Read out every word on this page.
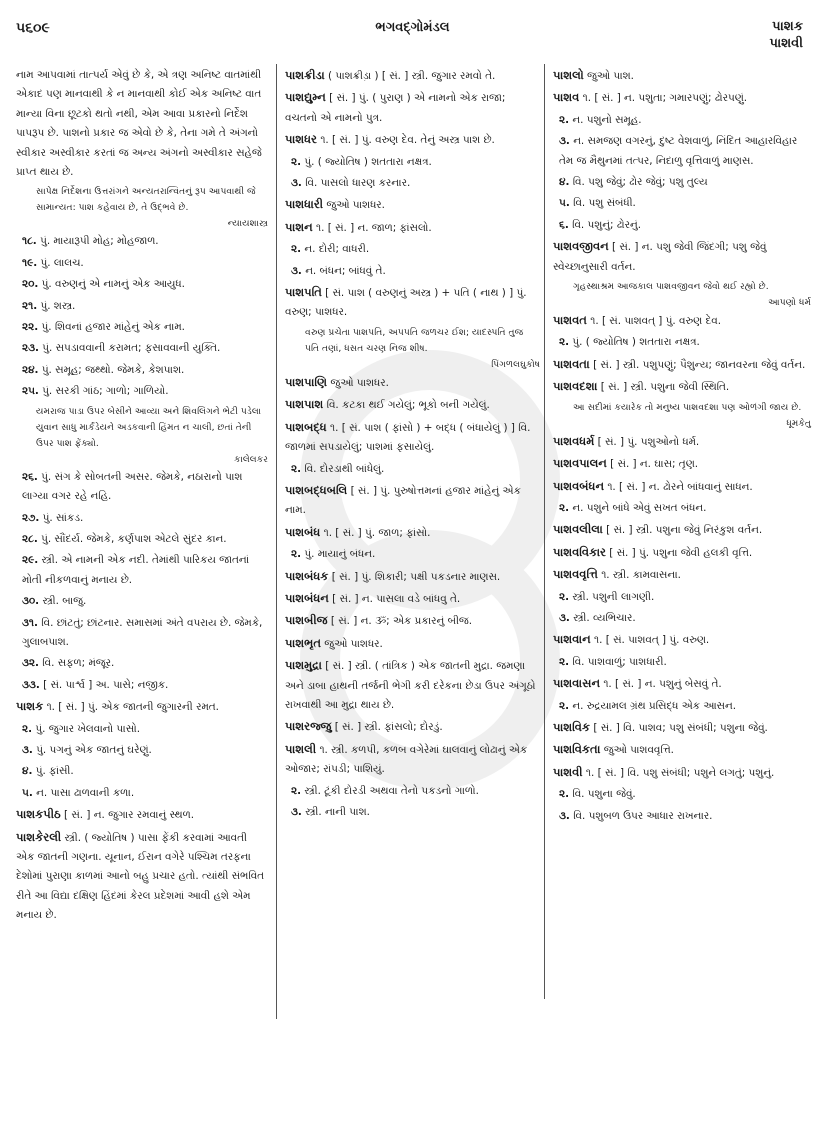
૫૬૦૯	ભગવદ્ગોમંડલ	પાશક
પાશવી
નામ આપવામાં તાત્પર્ય એવું છે કે, એ ત્રણ અનિષ્ટ વાતમાંથી એકાદ પણ માનવાથી કે ન માનવાથી કોઈ એક અનિષ્ટ વાત માન્યા વિના છૂટકો થતો નથી, એમ આવા પ્રકારનો નિર્દેશ પાપરૂપ છે. પાશનો પ્રકાર જ એવો છે કે, તેના ગમે તે અંગનો સ્વીકાર અસ્વીકાર કરતાં જ અન્ય અંગનો અસ્વીકાર સહેજે પ્રાપ્ત થાય છે.
સાપેક્ષ નિર્દેશના ઉત્તરાંગને અન્યતરાન્વિતનું રૂપ આપવાથી જે સામાન્યત: પાશ કહેવાય છે, તે ઉદ્ભવે છે.
ન્યાયશાસ્ત્ર
૧૮. પું. માયારૂપી મોહ; મોહજાળ.
૧૯. પું. લાલચ.
૨૦. પું. વરુણનું એ નામનું એક આયુધ.
૨૧. પું. શસ્ત્ર.
૨૨. પું. શિવનાં હજાર માંહેનું એક નામ.
૨૩. પું. સપડાવવાની કરામત; ફસાવવાની યુક્તિ.
૨૪. પું. સમૂહ; જથ્થો. જેમકે, કેશપાશ.
૨૫. પું. સરકી ગાંઠ; ગાળો; ગાળિયો.
યમરાજ પાડા ઉપર બેસીને આવ્યા અને શિવલિંગને ભેટી પડેલા યુવાન સાધુ માર્કંડેયને અડકવાની હિંમત ન ચાલી, છતાં તેની ઉપર પાશ ફેંક્યો.
કાલેલકર
૨૬. પું. સંગ કે સોબતની અસર. જેમકે, નઠારાનો પાશ લાગ્યા વગર રહે નહિ.
૨૭. પું. સાંકડ.
૨૮. પું. સૌંદર્ય. જેમકે, કર્ણપાશ એટલે સુંદર કાન.
૨૯. સ્ત્રી. એ નામની એક નદી. તેમાંથી પારિકય જાતનાં મોતી નીકળવાનું મનાય છે.
૩૦. સ્ત્રી. બાજુ.
૩૧. વિ. છાંટતું; છાંટનાર. સમાસમાં અંતે વપરાય છે. જેમકે, ગુલાબપાશ.
૩૨. વિ. સફળ; મંજૂર.
૩૩. [ સં. પાર્શ્વ ] અ. પાસે; નજીક.
પાશક ૧. [ સં. ] પું. એક જાતની જુગારની રમત.
૨. પું. જુગાર ખેલવાનો પાસો.
૩. પું. પગનું એક જાતનું ઘરેણું.
૪. પું. ફાંસી.
૫. ન. પાસા ઢાળવાની કળા.
પાશકપીઠ [ સં. ] ન. જુગાર રમવાનું સ્થળ.
પાશકેરલી સ્ત્રી. ( જ્યોતિષ ) પાસા ફેંકી કરવામાં આવતી એક જાતની ગણના. યૂનાન, ઈરાન વગેરે પશ્ચિમ તરફના દેશોમાં પુરાણા કાળમાં આનો બહુ પ્રચાર હતો. ત્યાંથી સંભવિત રીતે આ વિદ્યા દક્ષિણ હિંદમાં કેરલ પ્રદેશમાં આવી હશે એમ મનાય છે.
પાશક્રીડા ( પાશક્રીડ઼ા ) [ સં. ] સ્ત્રી. જુગાર રમવો તે.
પાશદ્યુમ્ન [ સં. ] પું. ( પુરાણ ) એ નામનો એક રાજા; વચતનો એ નામનો પુત્ર.
પાશધર ૧. [ સં. ] પું. વરુણ દેવ. તેનું અસ્ત્ર પાશ છે.
૨. પું. ( જ્યોતિષ ) શતતારા નક્ષત્ર.
૩. વિ. પાસલો ધારણ કરનાર.
પાશધારી જુઓ પાશધર.
પાશન ૧. [ સં. ] ન. જાળ; ફાંસલો.
૨. ન. દોરી; વાધરી.
૩. ન. બંધન; બાંધવું તે.
પાશપતિ [ સં. પાશ ( વરુણનું અસ્ત્ર ) + પતિ ( નાથ ) ] પું. વરુણ; પાશધર.
વરુણ પ્રચેતા પાશપતિ, અપપતિ જળચર ઈશ; યાદસ્પતિ તુજ પતિ તણાં, ધસત ચરણ નિજ શીષ.
પિંગળલઘુકોષ
પાશપાણિ જુઓ પાશધર.
પાશપાશ વિ. કટકા થઈ ગયેલું; ભૂકો બની ગયેલું.
પાશબદ્ધ ૧. [ સં. પાશ ( ફાંસો ) + બદ્ધ ( બંધાયેલું ) ] વિ. જાળમાં સપડાયેલું; પાશમાં ફસાયેલું.
૨. વિ. દોરડાથી બાંધેલું.
પાશબદ્ધબલિ [ સં. ] પું. પુરુષોત્તમનાં હજાર માંહેનું એક નામ.
પાશબંધ ૧. [ સં. ] પું. જાળ; ફાંસો.
૨. પું. માયાનું બંધન.
પાશબંધક [ સં. ] પું. શિકારી; પક્ષી પકડનાર માણસ.
પાશબંધન [ સં. ] ન. પાસલા વડે બાંધવુ તે.
પાશબીજ [ સં. ] ન. ૐ; એક પ્રકારનું બીજ.
પાશભૃત જુઓ પાશધર.
પાશમુદ્રા [ સં. ] સ્ત્રી. ( તાંત્રિક ) એક જાતની મુદ્રા. જમણા અને ડાબા હાથની તર્જની ભેગી કરી દરેકના છેડા ઉપર અંગૂઠો રાખવાથી આ મુદ્રા થાય છે.
પાશરજ્જુ [ સં. ] સ્ત્રી. ફાંસલો; દોરડું.
પાશલી ૧. સ્ત્રી. કળપી, કળબ વગેરેમાં ઘાલવાનું લોઢાનું એક ઓજાર; રાંપડી; પાશિયું.
૨. સ્ત્રી. ટૂંકી દોરડી અથવા તેનો પકડનો ગાળો.
૩. સ્ત્રી. નાની પાશ.
પાશલો જુઓ પાશ.
પાશવ ૧. [ સં. ] ન. પશુતા; ગમારપણું; ઢોરપણું.
૨. ન. પશુનો સમૂહ.
૩. ન. સમજણ વગરનું, દુષ્ટ વેશવાળું, નિંદિત આહારવિહાર તેમ જ મૈથુનમાં તત્પર, નિદાળુ વૃત્તિવાળું માણસ.
૪. વિ. પશુ જેવું; ઢોર જેવું; પશુ તુલ્ય
૫. વિ. પશુ સંબંધી.
૬. વિ. પશુનું; ઢોરનું.
પાશવજીવન [ સં. ] ન. પશુ જેવી જિંદગી; પશુ જેવું સ્વેચ્છાનુસારી વર્તન.
ગૃહસ્થાશ્રમ આજકાલ પાશવજીવન જેવો થઈ રહ્યો છે.
આપણો ધર્મ
પાશવત ૧. [ સં. પાશવત્ ] પું. વરુણ દેવ.
૨. પું. ( જ્યોતિષ ) શતતારા નક્ષત્ર.
પાશવતા [ સં. ] સ્ત્રી. પશુપણું; પૈશુન્ય; જાનવરના જેવું વર્તન.
પાશવદશા [ સં. ] સ્ત્રી. પશુના જેવી સ્થિતિ.
આ સદીમાં કયારેક તો મનુષ્ય પાશવદશા પણ ઓળંગી જાય છે.
ધૂમકેતુ
પાશવધર્મ [ સં. ] પું. પશુઓનો ધર્મ.
પાશવપાલન [ સં. ] ન. ઘાસ; તૃણ.
પાશવબંધન ૧. [ સં. ] ન. ઢોરને બાંધવાનું સાધન.
૨. ન. પશુને બાંધે એવું સખત બંધન.
પાશવલીલા [ સં. ] સ્ત્રી. પશુના જેવું નિરંકુશ વર્તન.
પાશવવિકાર [ સં. ] પું. પશુના જેવી હલકી વૃત્તિ.
પાશવવૃત્તિ ૧. સ્ત્રી. કામવાસના.
૨. સ્ત્રી. પશુની લાગણી.
૩. સ્ત્રી. વ્યભિચાર.
પાશવાન ૧. [ સં. પાશવત્ ] પું. વરુણ.
૨. વિ. પાશવાળું; પાશધારી.
પાશવાસન ૧. [ સં. ] ન. પશુનું બેસવું તે.
૨. ન. રુદ્રયામલ ગ્રંથ પ્રસિદ્ધ એક આસન.
પાશવિક [ સં. ] વિ. પાશવ; પશુ સંબંધી; પશુના જેવું.
પાશવિકતા જુઓ પાશવવૃત્તિ.
પાશવી ૧. [ સં. ] વિ. પશુ સંબંધી; પશુને લગતું; પશુનું.
૨. વિ. પશુના જેવું.
૩. વિ. પશુબળ ઉપર આધાર રાખનાર.
